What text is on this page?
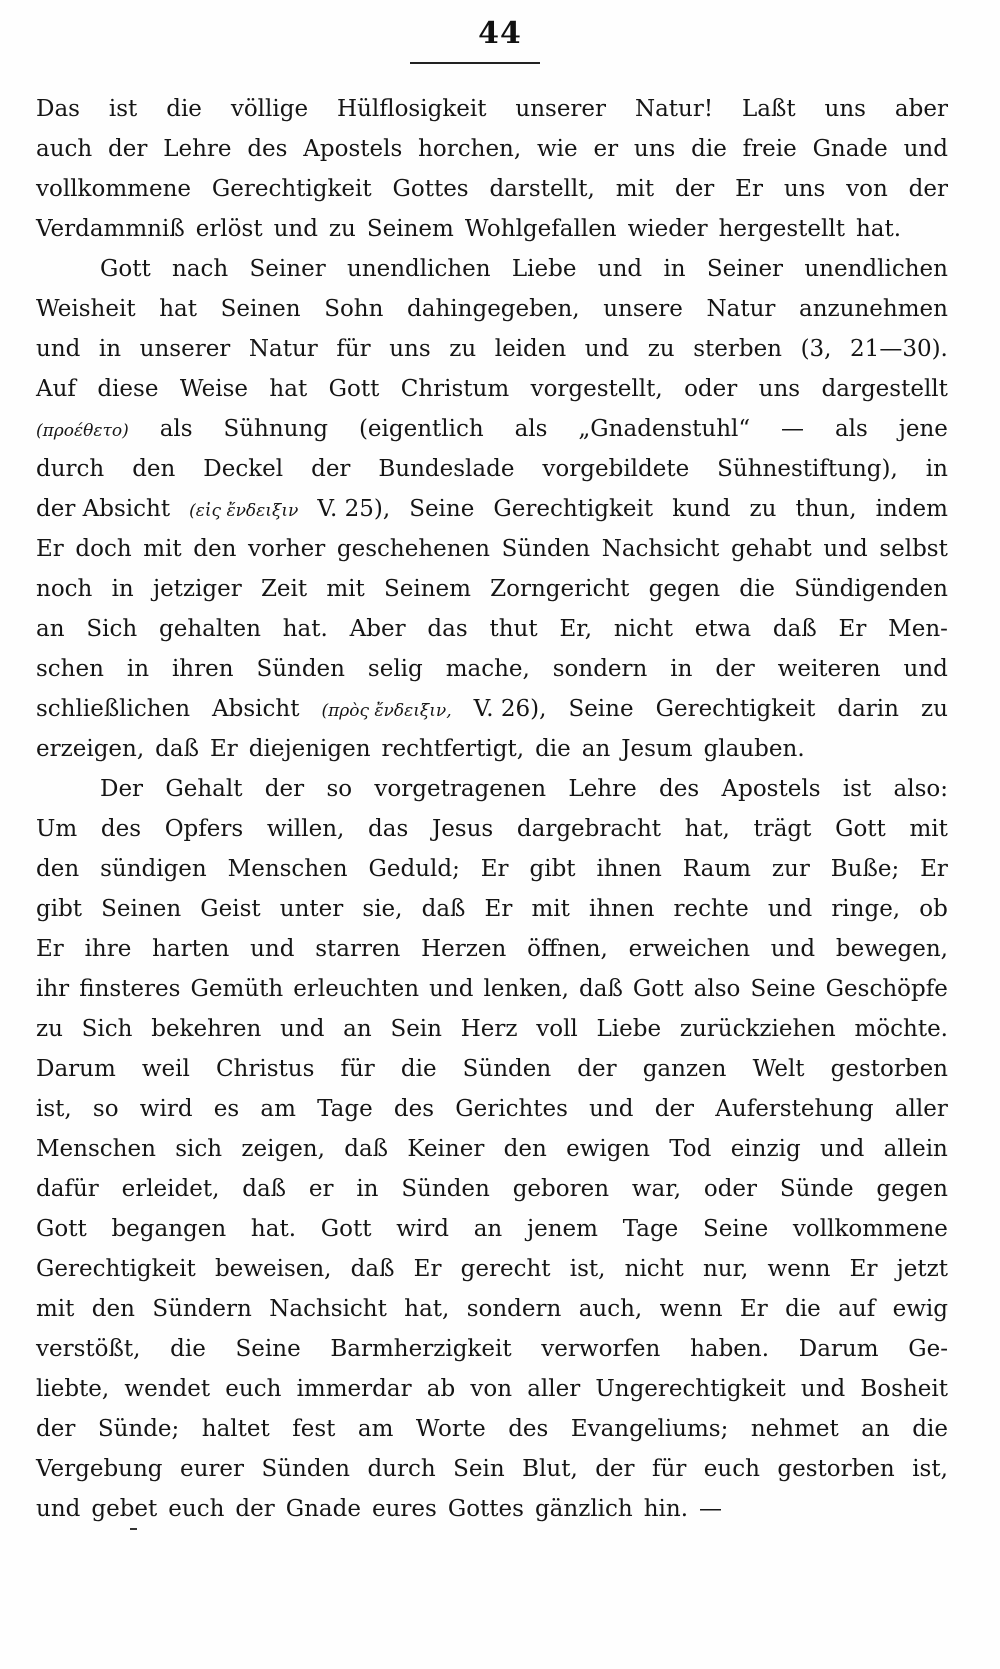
44
Das ist die völlige Hülflosigkeit unserer Natur! Laßt uns aber
auch der Lehre des Apostels horchen, wie er uns die freie Gnade und
vollkommene Gerechtigkeit Gottes darstellt, mit der Er uns von der
Verdammniß erlöst und zu Seinem Wohlgefallen wieder hergestellt hat.
Gott nach Seiner unendlichen Liebe und in Seiner unendlichen
Weisheit hat Seinen Sohn dahingegeben, unsere Natur anzunehmen
und in unserer Natur für uns zu leiden und zu sterben (3, 21—30).
Auf diese Weise hat Gott Christum vorgestellt, oder uns dargestellt
(προέθετο) als Sühnung (eigentlich als „Gnadenstuhl“ — als jene
durch den Deckel der Bundeslade vorgebildete Sühnestiftung), in
der Absicht (εἰς ἔνδειξιν V. 25), Seine Gerechtigkeit kund zu thun, indem
Er doch mit den vorher geschehenen Sünden Nachsicht gehabt und selbst
noch in jetziger Zeit mit Seinem Zorngericht gegen die Sündigenden
an Sich gehalten hat. Aber das thut Er, nicht etwa daß Er Men-
schen in ihren Sünden selig mache, sondern in der weiteren und
schließlichen Absicht (πρὸς ἔνδειξιν, V. 26), Seine Gerechtigkeit darin zu
erzeigen, daß Er diejenigen rechtfertigt, die an Jesum glauben.
Der Gehalt der so vorgetragenen Lehre des Apostels ist also:
Um des Opfers willen, das Jesus dargebracht hat, trägt Gott mit
den sündigen Menschen Geduld; Er gibt ihnen Raum zur Buße; Er
gibt Seinen Geist unter sie, daß Er mit ihnen rechte und ringe, ob
Er ihre harten und starren Herzen öffnen, erweichen und bewegen,
ihr finsteres Gemüth erleuchten und lenken, daß Gott also Seine Geschöpfe
zu Sich bekehren und an Sein Herz voll Liebe zurückziehen möchte.
Darum weil Christus für die Sünden der ganzen Welt gestorben
ist, so wird es am Tage des Gerichtes und der Auferstehung aller
Menschen sich zeigen, daß Keiner den ewigen Tod einzig und allein
dafür erleidet, daß er in Sünden geboren war, oder Sünde gegen
Gott begangen hat. Gott wird an jenem Tage Seine vollkommene
Gerechtigkeit beweisen, daß Er gerecht ist, nicht nur, wenn Er jetzt
mit den Sündern Nachsicht hat, sondern auch, wenn Er die auf ewig
verstößt, die Seine Barmherzigkeit verworfen haben. Darum Ge-
liebte, wendet euch immerdar ab von aller Ungerechtigkeit und Bosheit
der Sünde; haltet fest am Worte des Evangeliums; nehmet an die
Vergebung eurer Sünden durch Sein Blut, der für euch gestorben ist,
und gebet euch der Gnade eures Gottes gänzlich hin. —
